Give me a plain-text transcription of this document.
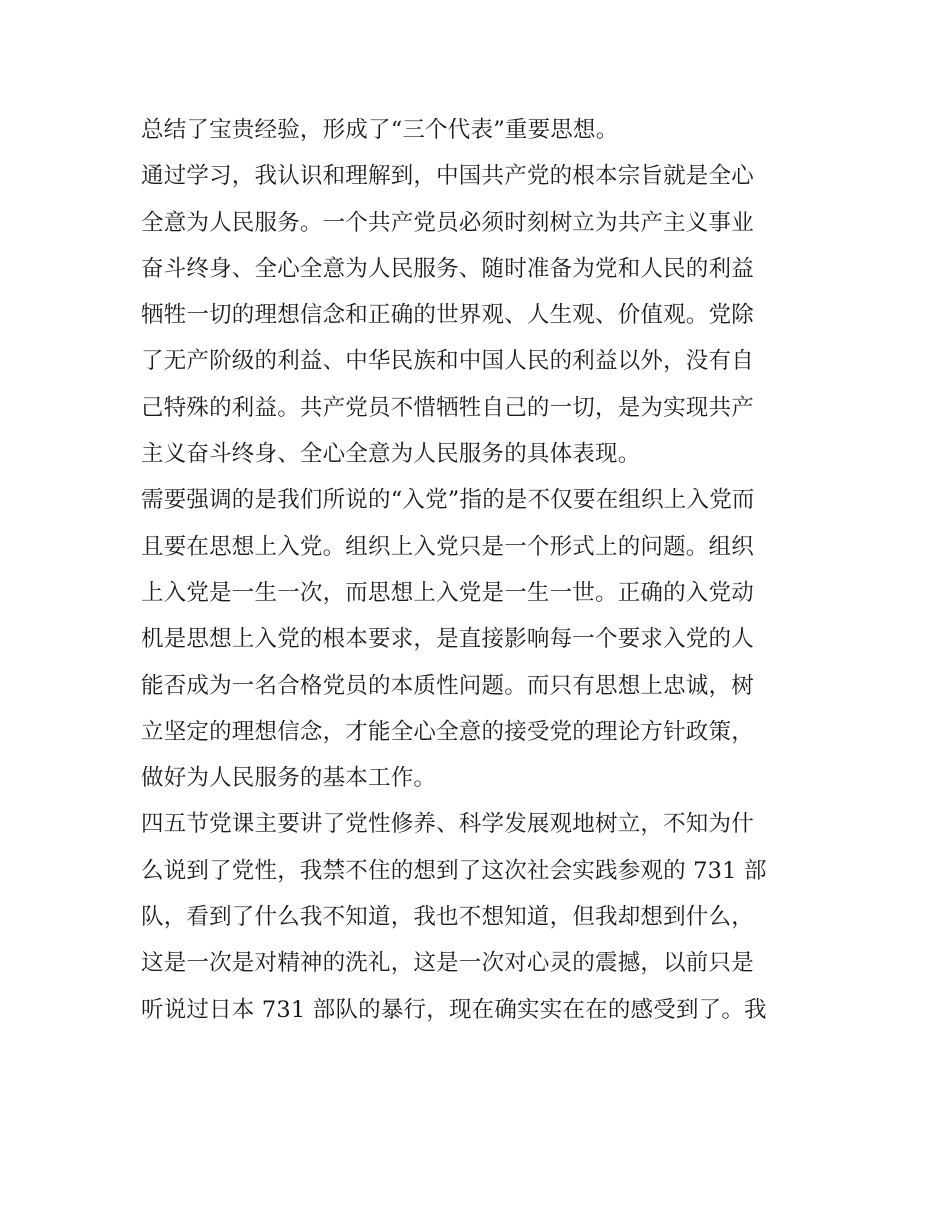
总结了宝贵经验，形成了“三个代表”重要思想。
通过学习，我认识和理解到，中国共产党的根本宗旨就是全心
全意为人民服务。一个共产党员必须时刻树立为共产主义事业
奋斗终身、全心全意为人民服务、随时准备为党和人民的利益
牺牲一切的理想信念和正确的世界观、人生观、价值观。党除
了无产阶级的利益、中华民族和中国人民的利益以外，没有自
己特殊的利益。共产党员不惜牺牲自己的一切，是为实现共产
主义奋斗终身、全心全意为人民服务的具体表现。
需要强调的是我们所说的“入党”指的是不仅要在组织上入党而
且要在思想上入党。组织上入党只是一个形式上的问题。组织
上入党是一生一次，而思想上入党是一生一世。正确的入党动
机是思想上入党的根本要求，是直接影响每一个要求入党的人
能否成为一名合格党员的本质性问题。而只有思想上忠诚，树
立坚定的理想信念，才能全心全意的接受党的理论方针政策，
做好为人民服务的基本工作。
四五节党课主要讲了党性修养、科学发展观地树立，不知为什
么说到了党性，我禁不住的想到了这次社会实践参观的 731 部
队，看到了什么我不知道，我也不想知道，但我却想到什么，
这是一次是对精神的洗礼，这是一次对心灵的震撼，以前只是
听说过日本 731 部队的暴行，现在确实实在在的感受到了。我
